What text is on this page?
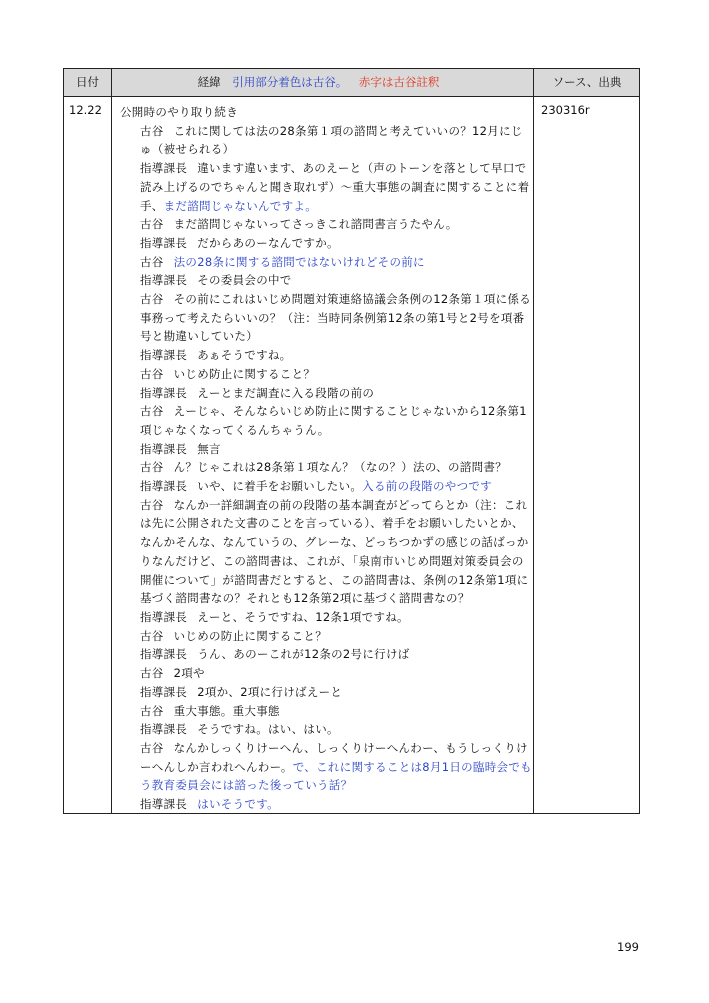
日付	経緯 引用部分着色は古谷。 赤字は古谷註釈	ソース、出典
12.22 公開時のやり取り続き

古谷 これに関しては法の28条第１項の諮問と考えていいの？12月にじゅ（被せられる）

指導課長 違います違います、あのえーと（声のトーンを落として早口で読み上げるのでちゃんと聞き取れず）〜重大事態の調査に関することに着手、まだ諮問じゃないんですよ。

古谷 まだ諮問じゃないってさっきこれ諮問書言うたやん。

指導課長 だからあのーなんですか。

古谷 法の28条に関する諮問ではないけれどその前に

指導課長 その委員会の中で

古谷 その前にこれはいじめ問題対策連絡協議会条例の12条第１項に係る事務って考えたらいいの？（注：当時同条例第12条の第1号と2号を項番号と勘違いしていた）

指導課長 あぁそうですね。

古谷 いじめ防止に関すること？

指導課長 えーとまだ調査に入る段階の前の

古谷 えーじゃ、そんならいじめ防止に関することじゃないから12条第1項じゃなくなってくるんちゃうん。

指導課長 無言

古谷 ん？じゃこれは28条第１項なん？（なの？）法の、の諮問書？

指導課長 いや、に着手をお願いしたい。入る前の段階のやつです

古谷 なんか一詳細調査の前の段階の基本調査がどってらとか（注：これは先に公開された文書のことを言っている）、着手をお願いしたいとか、なんかそんな、なんていうの、グレーな、どっちつかずの感じの話ばっかりなんだけど、この諮問書は、これが、「泉南市いじめ問題対策委員会の開催について」が諮問書だとすると、この諮問書は、条例の12条第1項に基づく諮問書なの？それとも12条第2項に基づく諮問書なの？

指導課長 えーと、そうですね、12条1項ですね。

古谷 いじめの防止に関すること？

指導課長 うん、あのーこれが12条の2号に行けば

古谷 2項や

指導課長 2項か、2項に行けばえーと

古谷 重大事態。重大事態

指導課長 そうですね。はい、はい。

古谷 なんかしっくりけーへん、しっくりけーへんわー、もうしっくりけーへんしか言われへんわー。で、これに関することは8月1日の臨時会でもう教育委員会には諮った後っていう話？

指導課長 はいそうです。

230316r
199
